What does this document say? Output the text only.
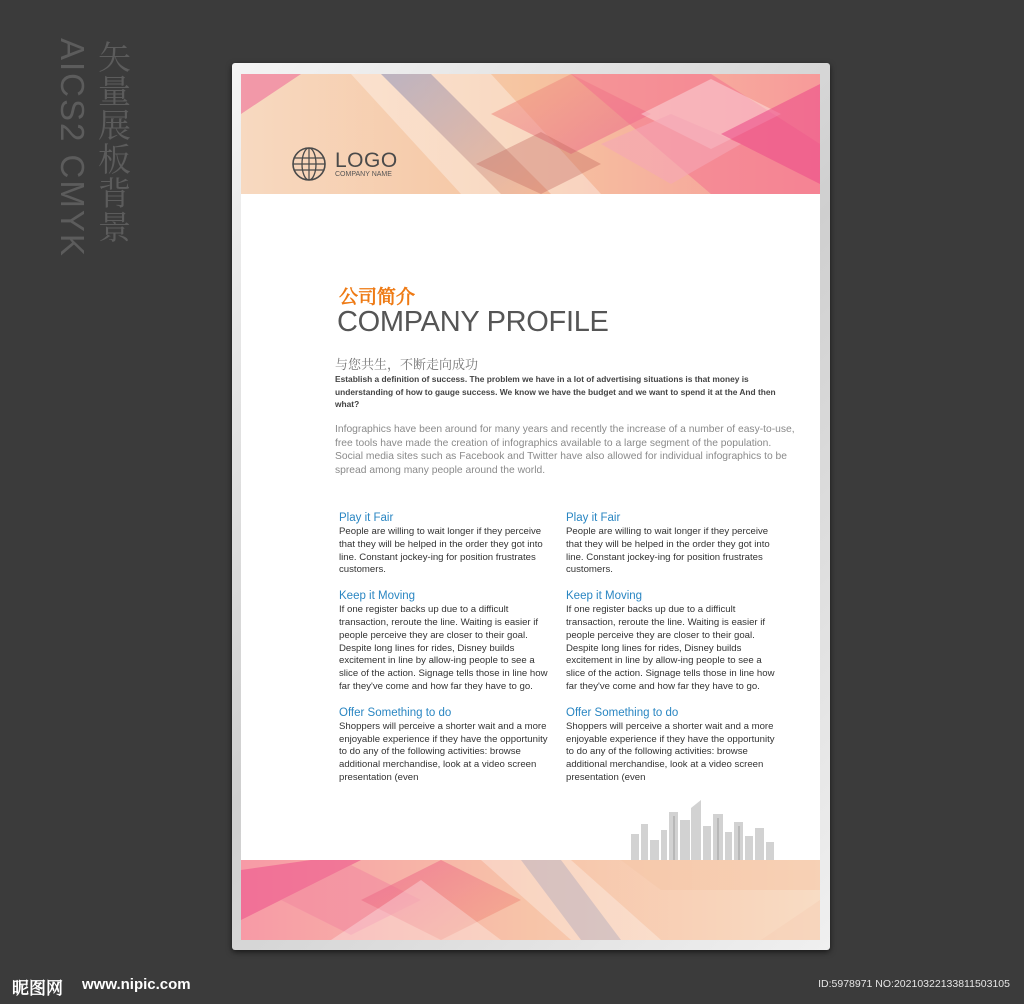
AICS2 CMYK 矢量展板背景	LOGO
COMPANY NAME
公司简介
COMPANY PROFILE
与您共生，不断走向成功
Establish a definition of success. The problem we have in a lot of advertising situations is that money is understanding of how to gauge success. We know we have the budget and we want to spend it at the And then what?
Infographics have been around for many years and recently the increase of a number of easy-to-use, free tools have made the creation of infographics available to a large segment of the population. Social media sites such as Facebook and Twitter have also allowed for individual infographics to be spread among many people around the world.
Play it Fair
People are willing to wait longer if they perceive that they will be helped in the order they got into line. Constant jockey-ing for position frustrates customers.
Keep it Moving
If one register backs up due to a difficult transaction, reroute the line. Waiting is easier if people perceive they are closer to their goal. Despite long lines for rides, Disney builds excitement in line by allow-ing people to see a slice of the action. Signage tells those in line how far they've come and how far they have to go.
Offer Something to do
Shoppers will perceive a shorter wait and a more enjoyable experience if they have the opportunity to do any of the following activities: browse additional merchandise, look at a video screen presentation (even
Play it Fair
People are willing to wait longer if they perceive that they will be helped in the order they got into line. Constant jockey-ing for position frustrates customers.
Keep it Moving
If one register backs up due to a difficult transaction, reroute the line. Waiting is easier if people perceive they are closer to their goal. Despite long lines for rides, Disney builds excitement in line by allow-ing people to see a slice of the action. Signage tells those in line how far they've come and how far they have to go.
Offer Something to do
Shoppers will perceive a shorter wait and a more enjoyable experience if they have the opportunity to do any of the following activities: browse additional merchandise, look at a video screen presentation (even
昵图网 www.nipic.com	ID:5978971 NO:20210322133811503105
